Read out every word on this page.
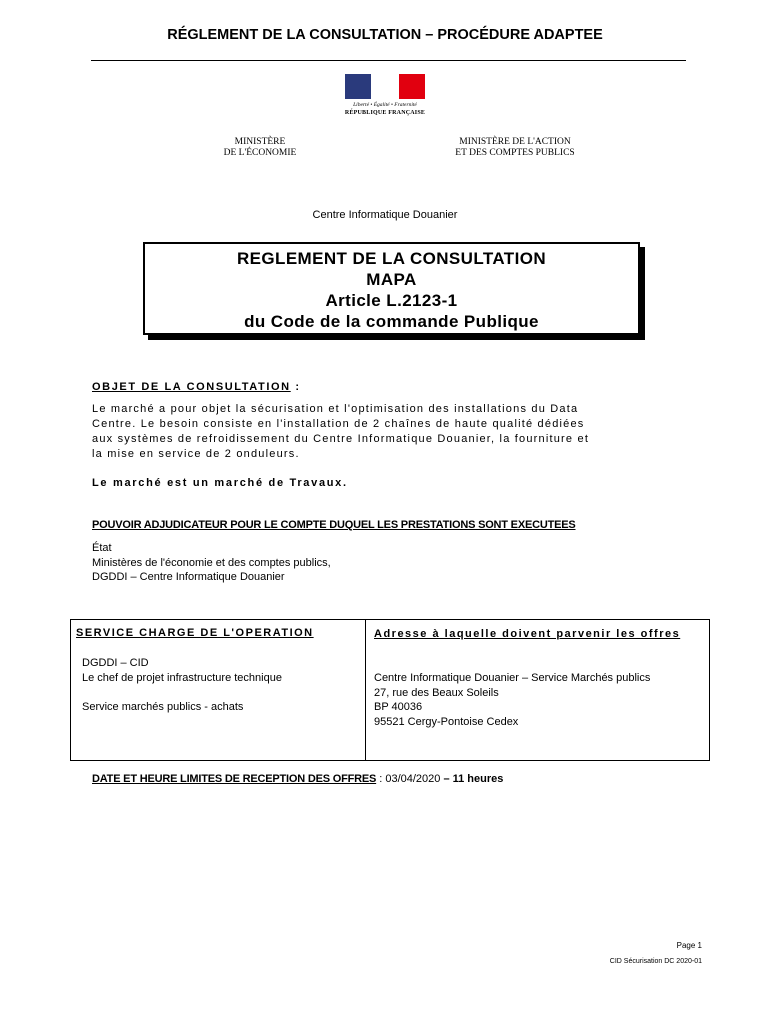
RÉGLEMENT DE LA CONSULTATION – PROCÉDURE ADAPTEE
Liberté • Égalité • Fraternité
RÉPUBLIQUE FRANÇAISE
MINISTÈRE
DE L'ÉCONOMIE
MINISTÈRE DE L'ACTION
ET DES COMPTES PUBLICS
Centre Informatique Douanier
REGLEMENT DE LA CONSULTATION
MAPA
Article L.2123-1
du Code de la commande Publique
OBJET DE LA CONSULTATION :
Le marché a pour objet la sécurisation et l'optimisation des installations du Data
Centre. Le besoin consiste en l'installation de 2 chaînes de haute qualité dédiées
aux systèmes de refroidissement du Centre Informatique Douanier, la fourniture et
la mise en service de 2 onduleurs.
Le marché est un marché de Travaux.
POUVOIR ADJUDICATEUR POUR LE COMPTE DUQUEL LES PRESTATIONS SONT EXECUTEES
État
Ministères de l'économie et des comptes publics,
DGDDI – Centre Informatique Douanier
SERVICE CHARGE DE L'OPERATION
DGDDI – CID
Le chef de projet infrastructure technique
Service marchés publics - achats
Adresse à laquelle doivent parvenir les offres
Centre Informatique Douanier – Service Marchés publics
27, rue des Beaux Soleils
BP 40036
95521 Cergy-Pontoise Cedex
DATE ET HEURE LIMITES DE RECEPTION DES OFFRES : 03/04/2020 – 11 heures
Page 1
CID Sécurisation DC 2020-01
